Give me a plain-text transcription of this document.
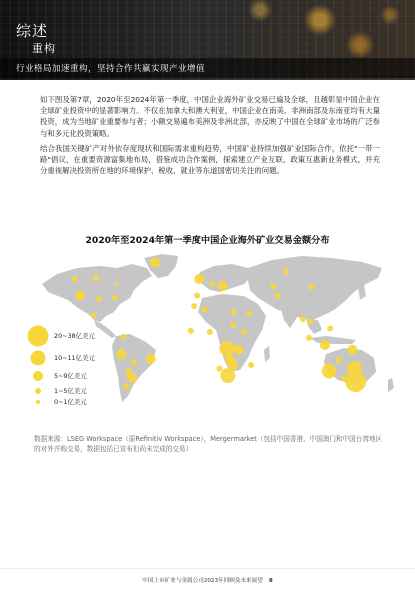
综述
重构
行业格局加速重构，坚持合作共赢实现产业增值

如下图及第7章，2020年至2024年第一季度，中国企业海外矿业交易已遍及全球，且越彰显中国企业在全球矿业投资中的显著影响力。不仅在加拿大和澳大利亚，中国企业在南美、非洲南部及东南亚均有大量投资，成为当地矿业重要参与者；小额交易遍布美洲及非洲北部，亦反映了中国在全球矿业市场的广泛参与和多元化投资策略。

结合我国关键矿产对外依存度现状和国际需求重构趋势，中国矿业持续加强矿业国际合作，依托"一带一路"倡议，在重要资源富集地布局，借鉴成功合作案例，探索建立产业互联、政策互惠新业务模式，并充分重视解决投资所在地的环境保护、税收、就业等东道国密切关注的问题。

2020年至2024年第一季度中国企业海外矿业交易金额分布
20~38亿美元
10~11亿美元
5~9亿美元
1~5亿美元
0~1亿美元

数据来源：LSEG Workspace（原Refinitiv Workspace），Mergermarket（包括中国香港、中国澳门和中国台湾地区的对外并购交易，数据包括已宣布但尚未完成的交易）

中国上市矿业与金属公司2023年回顾及未来展望 8
